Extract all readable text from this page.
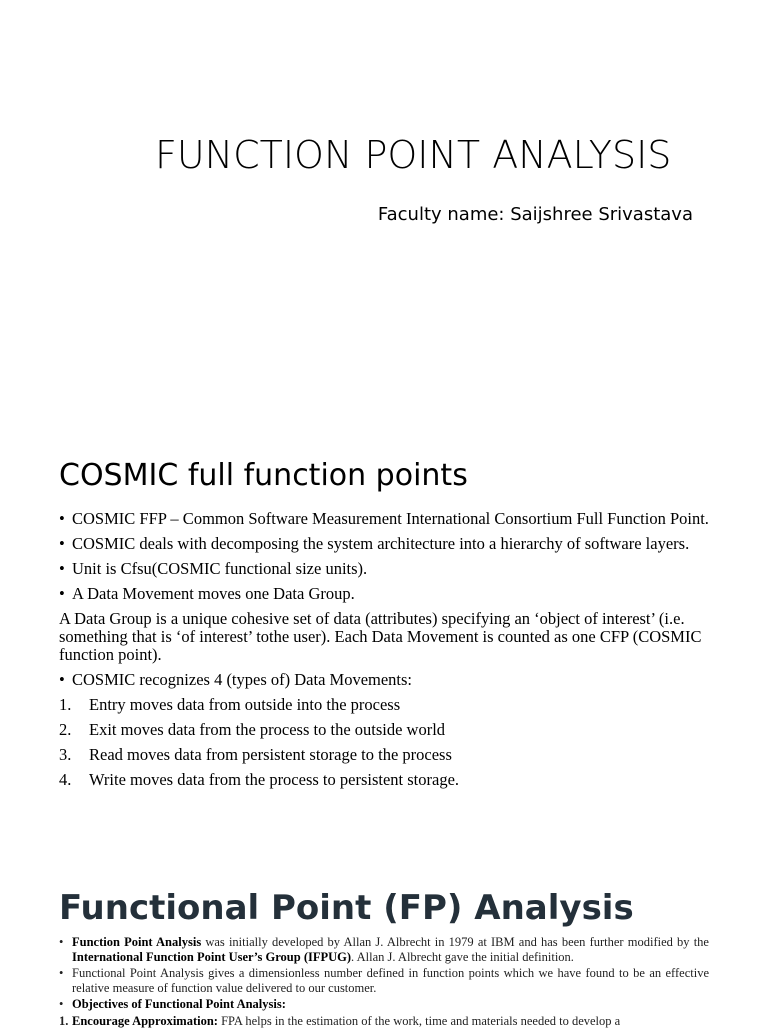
FUNCTION POINT ANALYSIS
Faculty name: Saijshree Srivastava
COSMIC full function points

• COSMIC FFP – Common Software Measurement International Consortium Full Function Point.

• COSMIC deals with decomposing the system architecture into a hierarchy of software layers.

• Unit is Cfsu(COSMIC functional size units).

• A Data Movement moves one Data Group.

A Data Group is a unique cohesive set of data (attributes) specifying an ‘object of interest’ (i.e. something that is ‘of interest’ tothe user). Each Data Movement is counted as one CFP (COSMIC function point).

• COSMIC recognizes 4 (types of) Data Movements:

1. Entry moves data from outside into the process

2. Exit moves data from the process to the outside world

3. Read moves data from persistent storage to the process

4. Write moves data from the process to persistent storage.

Functional Point (FP) Analysis

• Function Point Analysis was initially developed by Allan J. Albrecht in 1979 at IBM and has been further modified by the International Function Point User’s Group (IFPUG). Allan J. Albrecht gave the initial definition.

• Functional Point Analysis gives a dimensionless number defined in function points which we have found to be an effective relative measure of function value delivered to our customer.

• Objectives of Functional Point Analysis:

1. Encourage Approximation: FPA helps in the estimation of the work, time and materials needed to develop a
